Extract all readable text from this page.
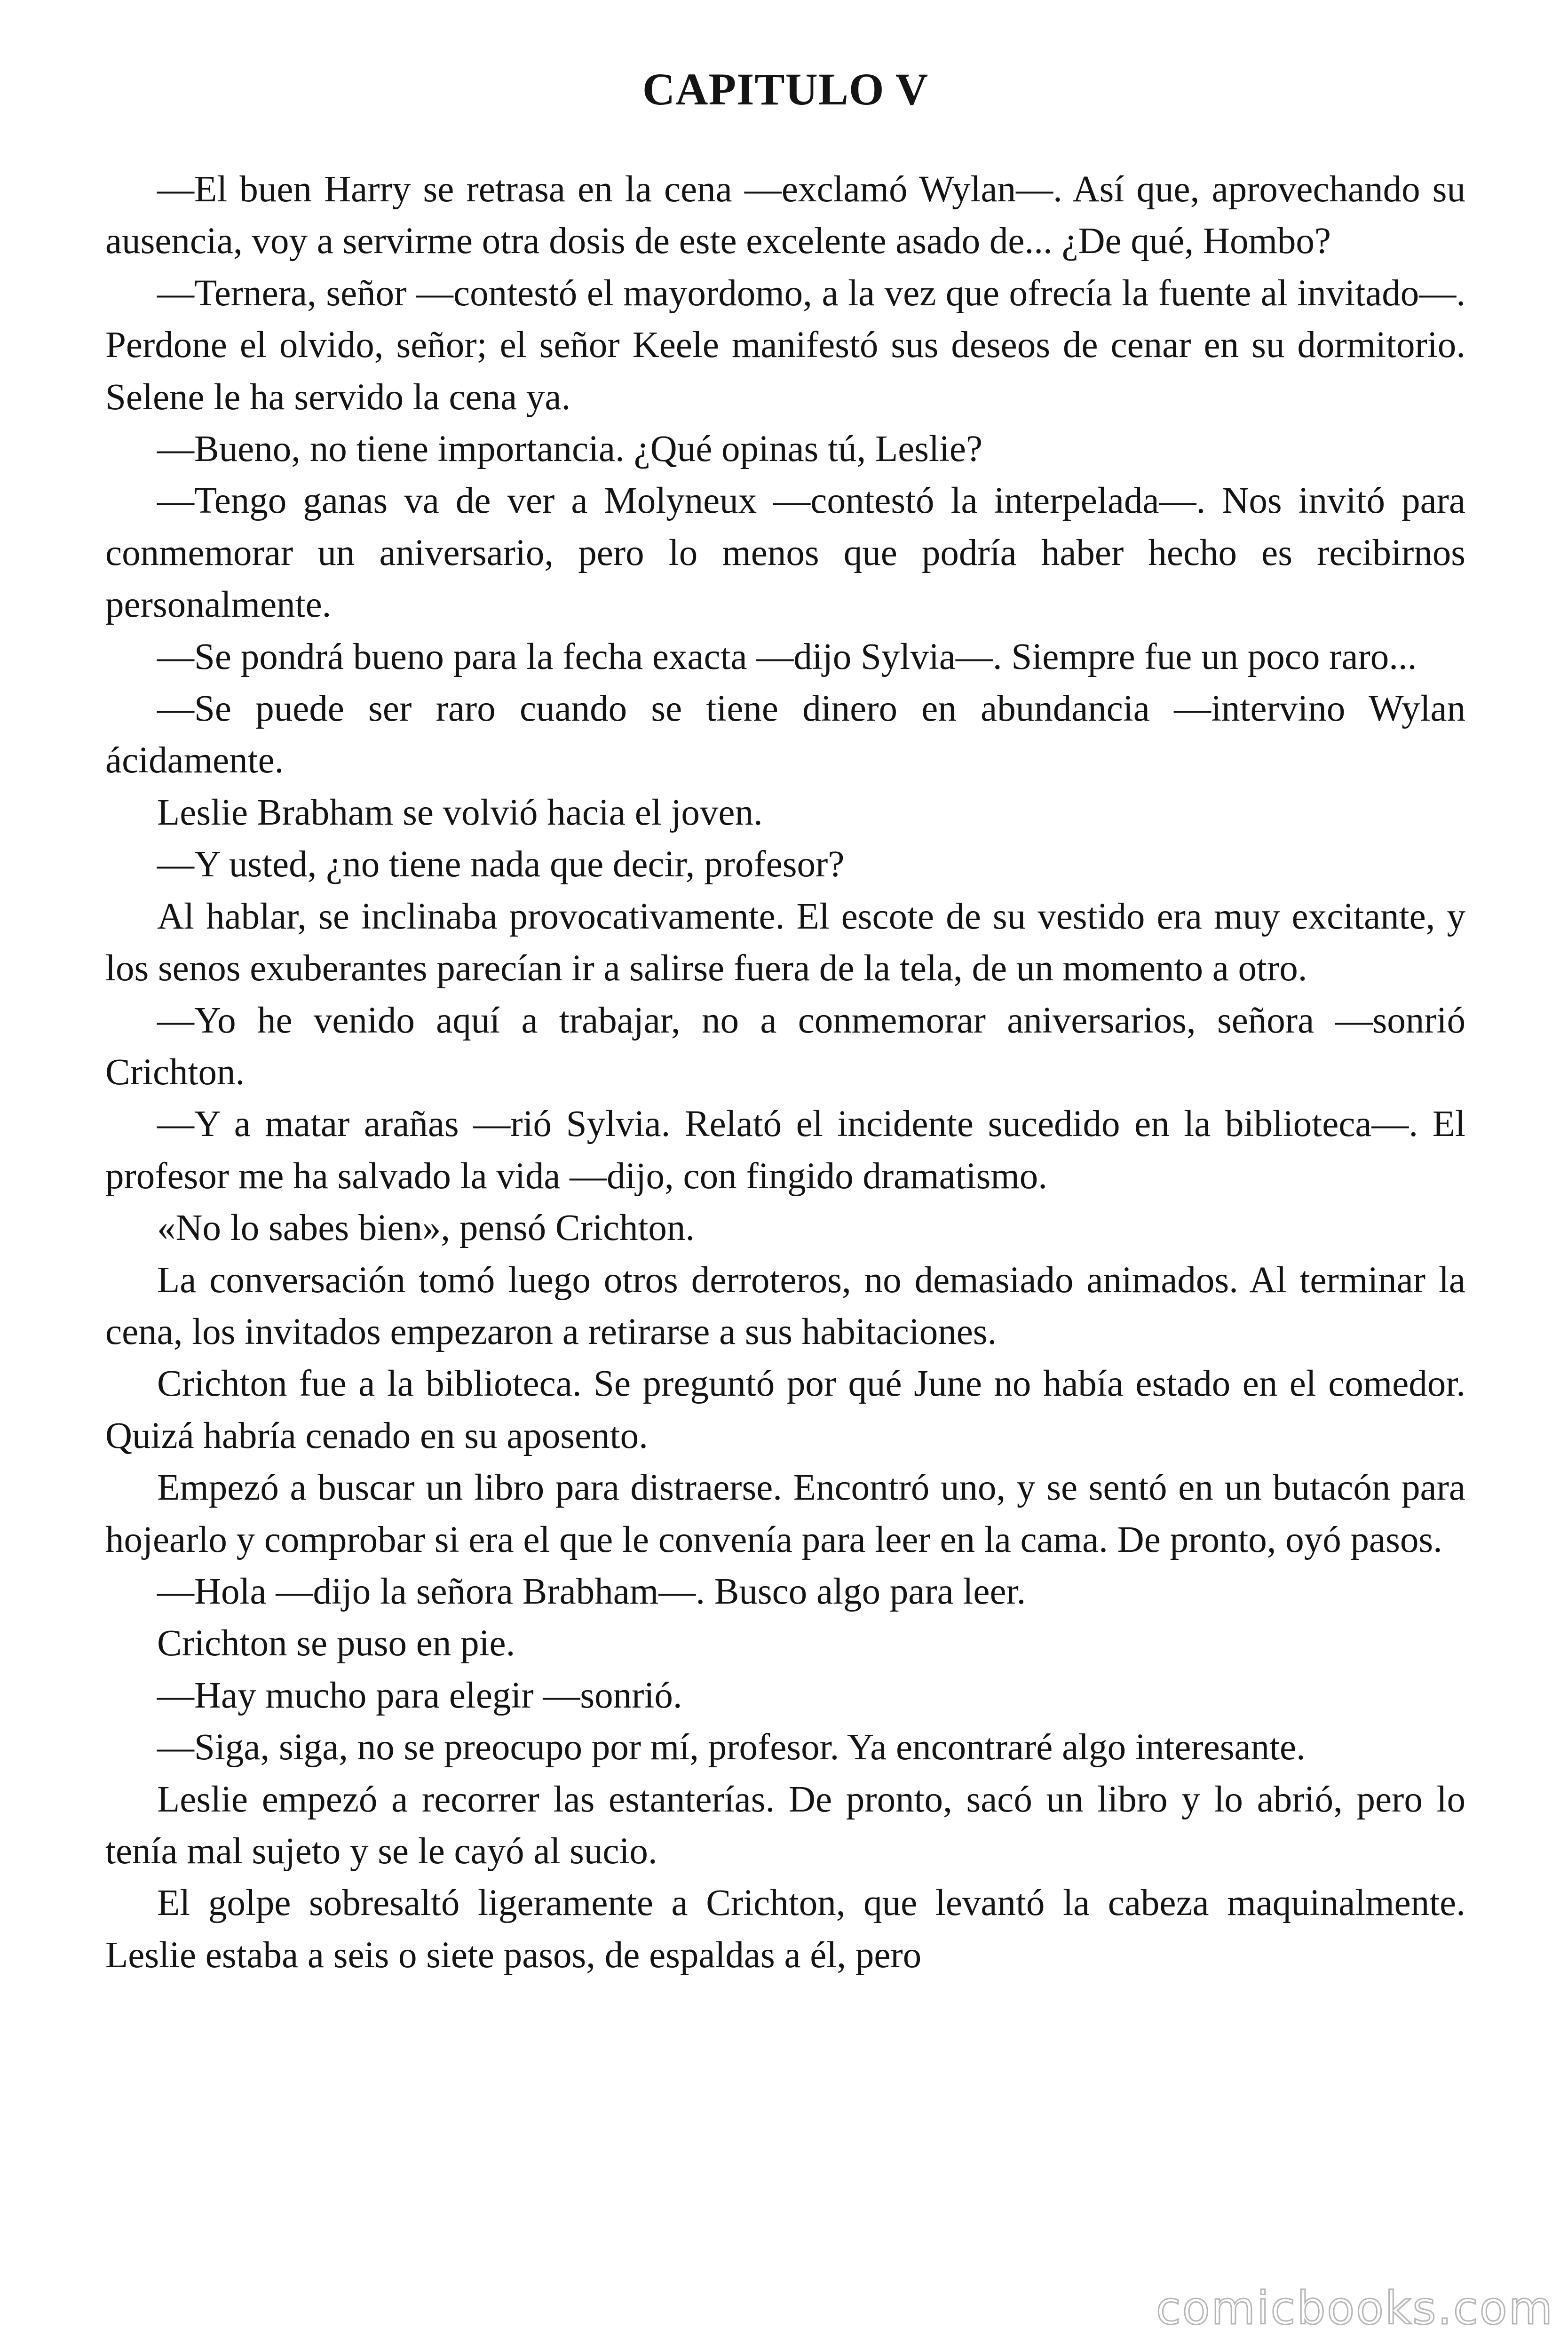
CAPITULO V

—El buen Harry se retrasa en la cena —exclamó Wylan—. Así que, aprovechando su ausencia, voy a servirme otra dosis de este excelente asado de... ¿De qué, Hombo?

—Ternera, señor —contestó el mayordomo, a la vez que ofrecía la fuente al invitado—. Perdone el olvido, señor; el señor Keele manifestó sus deseos de cenar en su dormitorio. Selene le ha servido la cena ya.

—Bueno, no tiene importancia. ¿Qué opinas tú, Leslie?

—Tengo ganas va de ver a Molyneux —contestó la interpelada—. Nos invitó para conmemorar un aniversario, pero lo menos que podría haber hecho es recibirnos personalmente.

—Se pondrá bueno para la fecha exacta —dijo Sylvia—. Siempre fue un poco raro...

—Se puede ser raro cuando se tiene dinero en abundancia —intervino Wylan ácidamente.

Leslie Brabham se volvió hacia el joven.

—Y usted, ¿no tiene nada que decir, profesor?

Al hablar, se inclinaba provocativamente. El escote de su vestido era muy excitante, y los senos exuberantes parecían ir a salirse fuera de la tela, de un momento a otro.

—Yo he venido aquí a trabajar, no a conmemorar aniversarios, señora —sonrió Crichton.

—Y a matar arañas —rió Sylvia. Relató el incidente sucedido en la biblioteca—. El profesor me ha salvado la vida —dijo, con fingido dramatismo.

«No lo sabes bien», pensó Crichton.

La conversación tomó luego otros derroteros, no demasiado animados. Al terminar la cena, los invitados empezaron a retirarse a sus habitaciones.

Crichton fue a la biblioteca. Se preguntó por qué June no había estado en el comedor. Quizá habría cenado en su aposento.

Empezó a buscar un libro para distraerse. Encontró uno, y se sentó en un butacón para hojearlo y comprobar si era el que le convenía para leer en la cama. De pronto, oyó pasos.

—Hola —dijo la señora Brabham—. Busco algo para leer.

Crichton se puso en pie.

—Hay mucho para elegir —sonrió.

—Siga, siga, no se preocupo por mí, profesor. Ya encontraré algo interesante.

Leslie empezó a recorrer las estanterías. De pronto, sacó un libro y lo abrió, pero lo tenía mal sujeto y se le cayó al sucio.

El golpe sobresaltó ligeramente a Crichton, que levantó la cabeza maquinalmente. Leslie estaba a seis o siete pasos, de espaldas a él, pero

comicbooks.com
